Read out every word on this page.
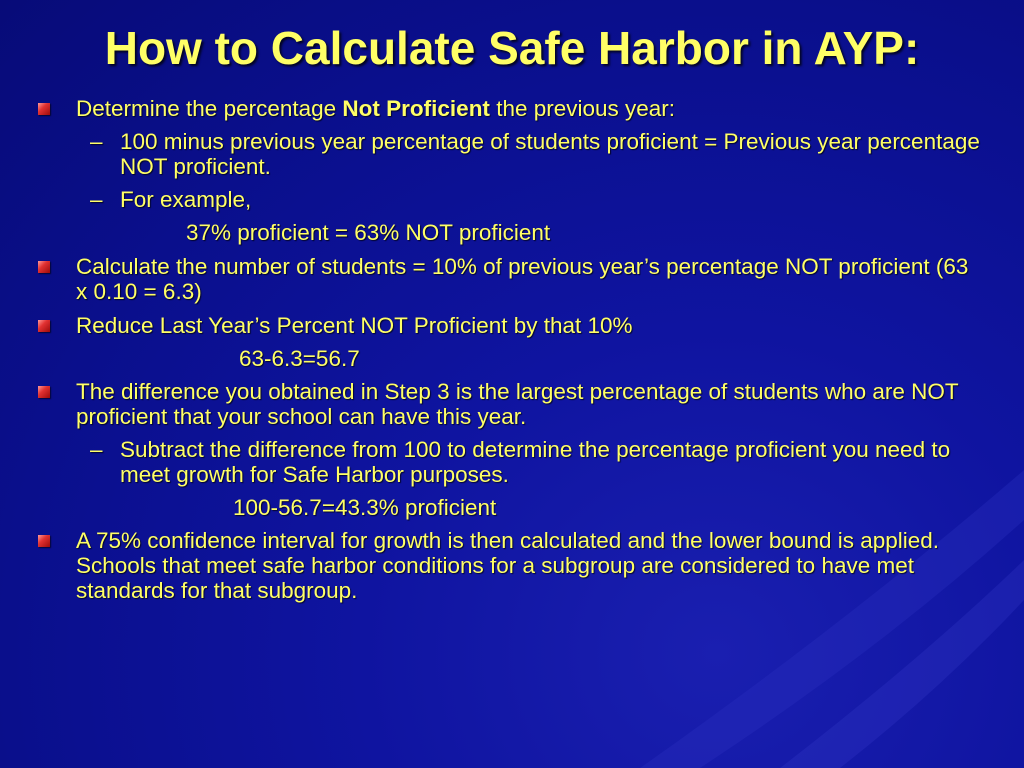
How to Calculate Safe Harbor in AYP:

Determine the percentage Not Proficient the previous year:

– 100 minus previous year percentage of students proficient = Previous year percentage NOT proficient.

– For example,

37% proficient = 63% NOT proficient

Calculate the number of students = 10% of previous year’s percentage NOT proficient (63 x 0.10 = 6.3)

Reduce Last Year’s Percent NOT Proficient by that 10%

63-6.3=56.7

The difference you obtained in Step 3 is the largest percentage of students who are NOT proficient that your school can have this year.

– Subtract the difference from 100 to determine the percentage proficient you need to meet growth for Safe Harbor purposes.

100-56.7=43.3% proficient

A 75% confidence interval for growth is then calculated and the lower bound is applied. Schools that meet safe harbor conditions for a subgroup are considered to have met standards for that subgroup.
